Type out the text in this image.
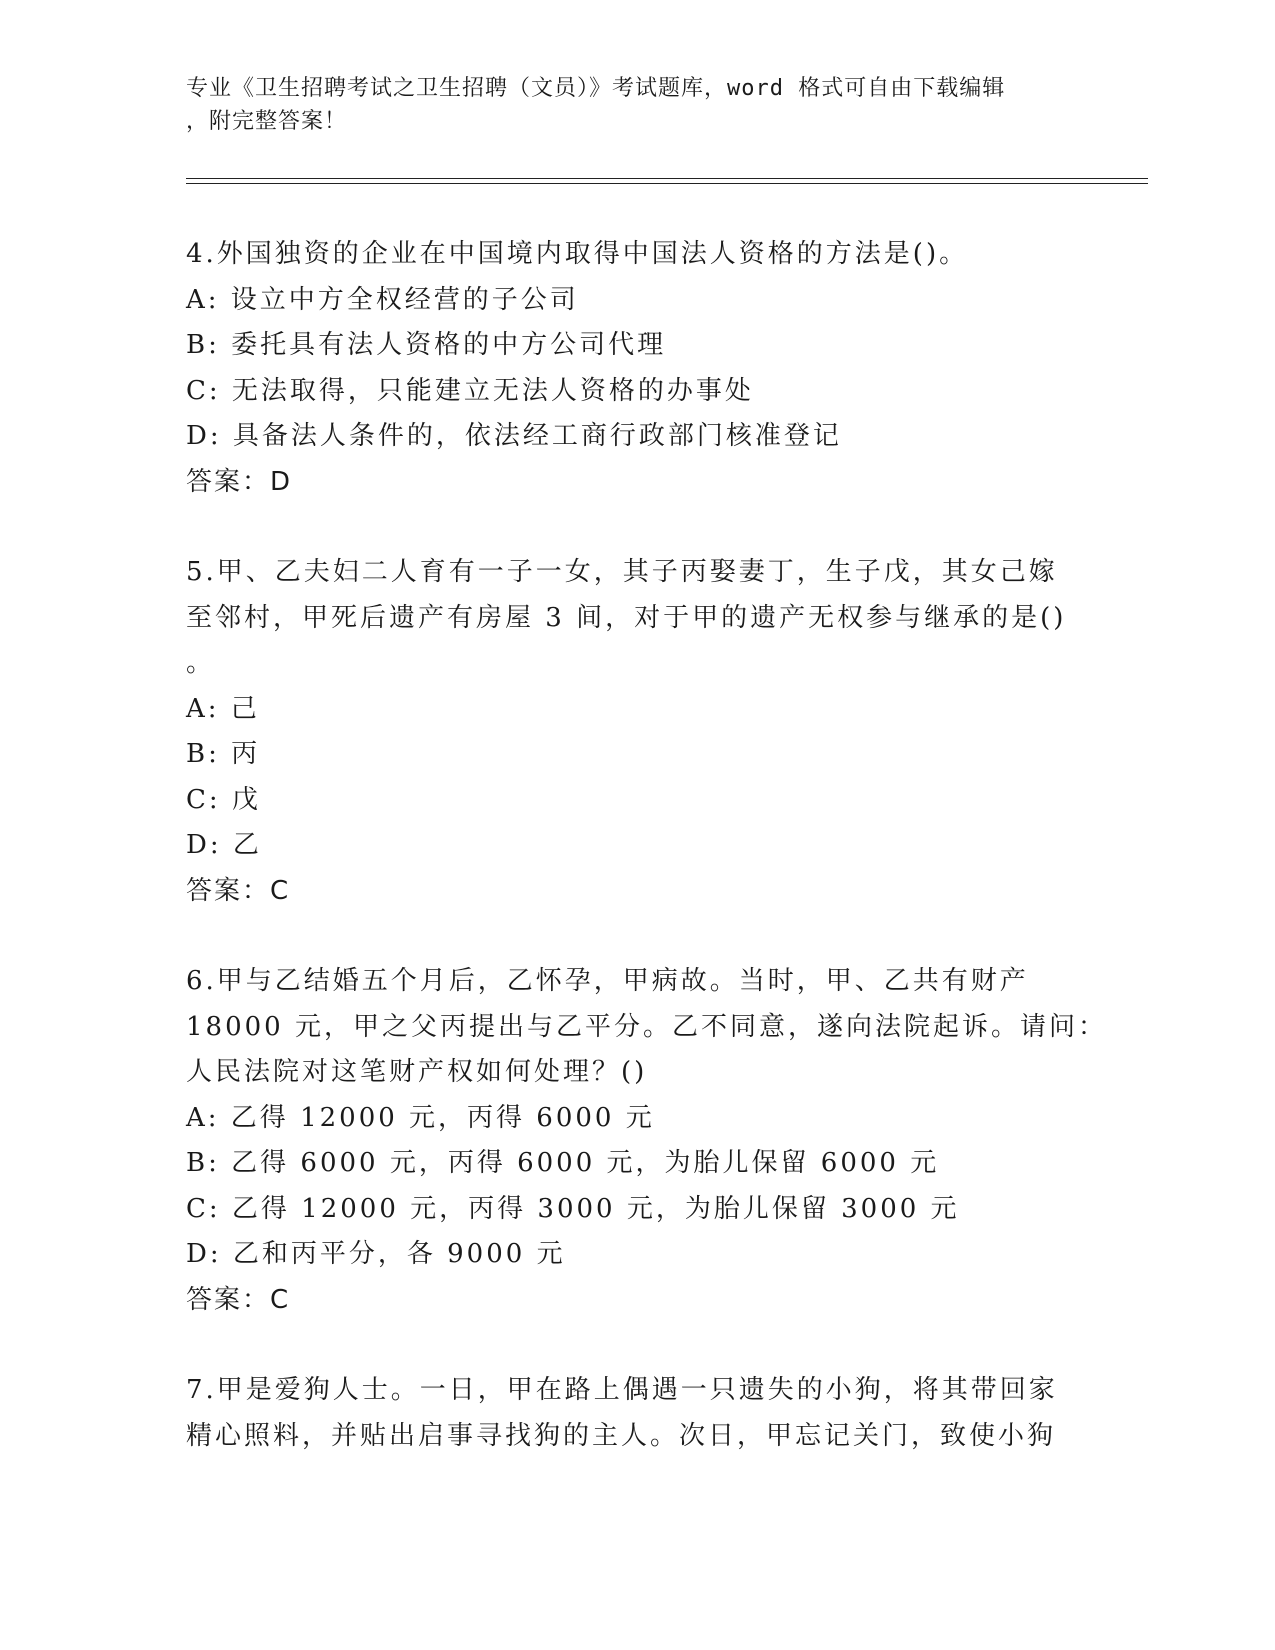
专业《卫生招聘考试之卫生招聘（文员）》考试题库，word 格式可自由下载编辑
，附完整答案！
4.外国独资的企业在中国境内取得中国法人资格的方法是()。
A: 设立中方全权经营的子公司
B: 委托具有法人资格的中方公司代理
C: 无法取得，只能建立无法人资格的办事处
D: 具备法人条件的，依法经工商行政部门核准登记
答案：D
5.甲、乙夫妇二人育有一子一女，其子丙娶妻丁，生子戊，其女己嫁
至邻村，甲死后遗产有房屋 3 间，对于甲的遗产无权参与继承的是()
。
A: 己
B: 丙
C: 戊
D: 乙
答案：C
6.甲与乙结婚五个月后，乙怀孕，甲病故。当时，甲、乙共有财产
18000 元，甲之父丙提出与乙平分。乙不同意，遂向法院起诉。请问：
人民法院对这笔财产权如何处理？()
A: 乙得 12000 元，丙得 6000 元
B: 乙得 6000 元，丙得 6000 元，为胎儿保留 6000 元
C: 乙得 12000 元，丙得 3000 元，为胎儿保留 3000 元
D: 乙和丙平分，各 9000 元
答案：C
7.甲是爱狗人士。一日，甲在路上偶遇一只遗失的小狗，将其带回家
精心照料，并贴出启事寻找狗的主人。次日，甲忘记关门，致使小狗
